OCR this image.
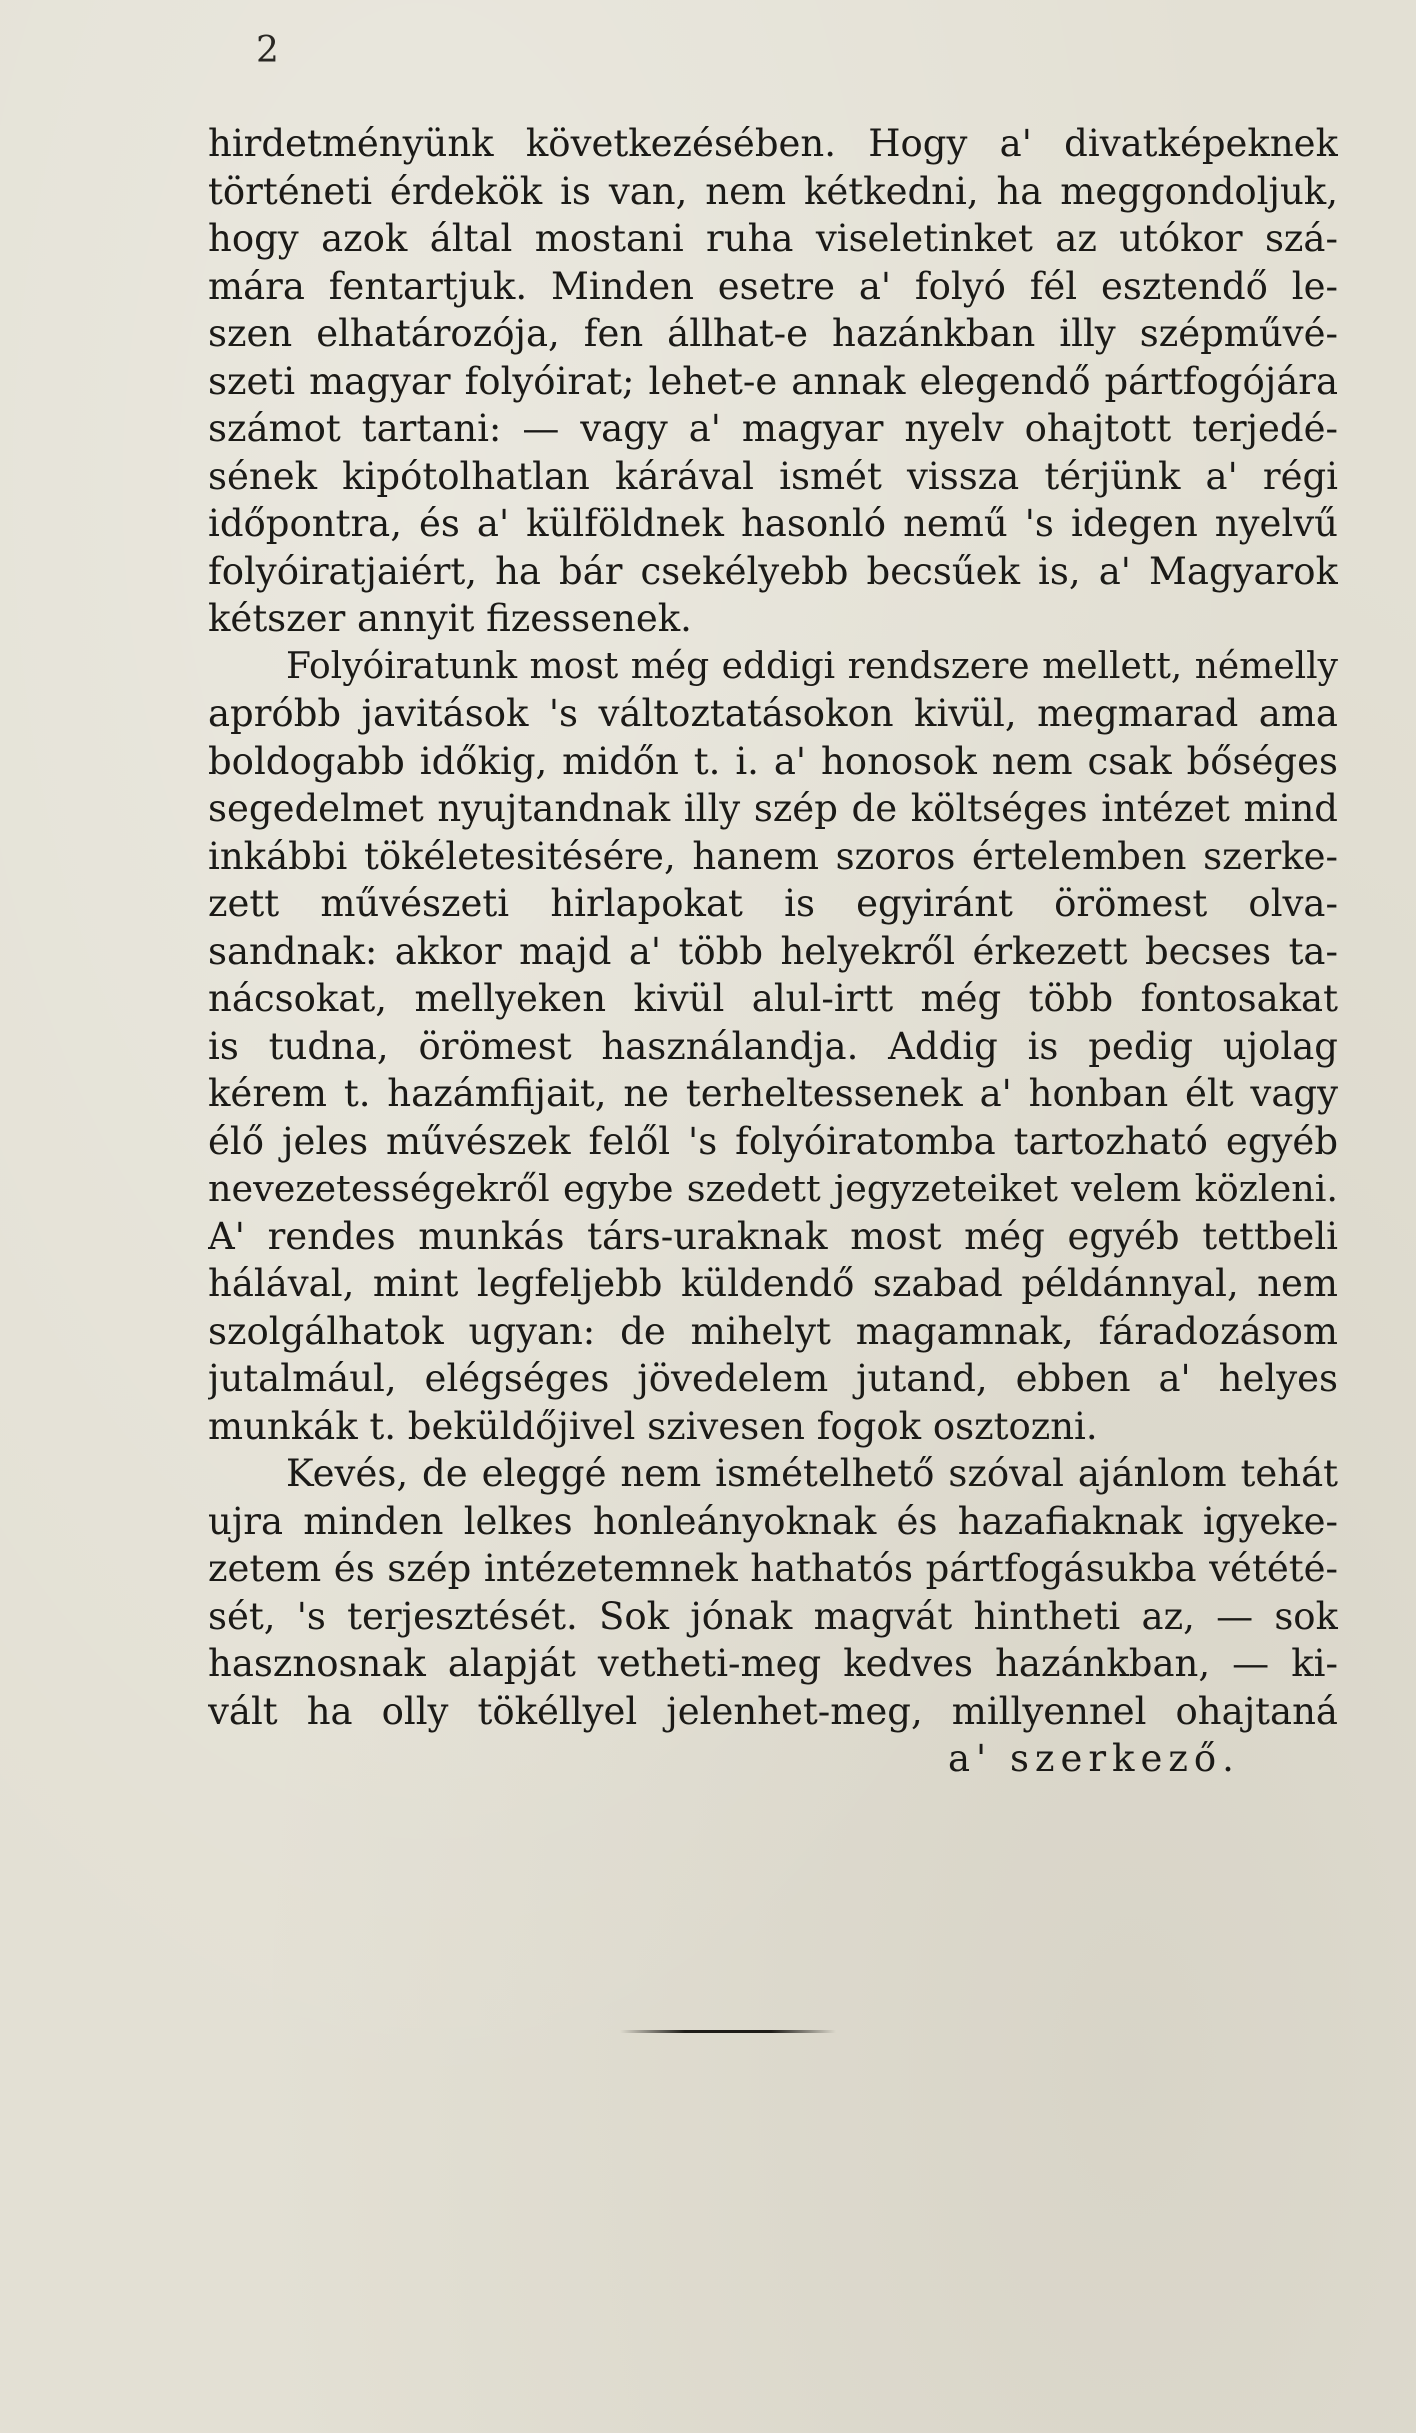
2
hirdetményünk következésében. Hogy a' divatképeknek
történeti érdekök is van, nem kétkedni, ha meggondoljuk,
hogy azok által mostani ruha viseletinket az utókor szá-
mára fentartjuk. Minden esetre a' folyó fél esztendő le-
szen elhatározója, fen állhat-e hazánkban illy szépművé-
szeti magyar folyóirat; lehet-e annak elegendő pártfogójára
számot tartani: — vagy a' magyar nyelv ohajtott terjedé-
sének kipótolhatlan kárával ismét vissza térjünk a' régi
időpontra, és a' külföldnek hasonló nemű 's idegen nyelvű
folyóiratjaiért, ha bár csekélyebb becsűek is, a' Magyarok
kétszer annyit fizessenek.
Folyóiratunk most még eddigi rendszere mellett, némelly
apróbb javitások 's változtatásokon kivül, megmarad ama
boldogabb időkig, midőn t. i. a' honosok nem csak bőséges
segedelmet nyujtandnak illy szép de költséges intézet mind
inkábbi tökéletesitésére, hanem szoros értelemben szerke-
zett művészeti hirlapokat is egyiránt örömest olva-
sandnak: akkor majd a' több helyekről érkezett becses ta-
nácsokat, mellyeken kivül alul-irtt még több fontosakat
is tudna, örömest használandja. Addig is pedig ujolag
kérem t. hazámfijait, ne terheltessenek a' honban élt vagy
élő jeles művészek felől 's folyóiratomba tartozható egyéb
nevezetességekről egybe szedett jegyzeteiket velem közleni.
A' rendes munkás társ-uraknak most még egyéb tettbeli
hálával, mint legfeljebb küldendő szabad példánnyal, nem
szolgálhatok ugyan: de mihelyt magamnak, fáradozásom
jutalmául, elégséges jövedelem jutand, ebben a' helyes
munkák t. beküldőjivel szivesen fogok osztozni.
Kevés, de eleggé nem ismételhető szóval ajánlom tehát
ujra minden lelkes honleányoknak és hazafiaknak igyeke-
zetem és szép intézetemnek hathatós pártfogásukba vétété-
sét, 's terjesztését. Sok jónak magvát hintheti az, — sok
hasznosnak alapját vetheti-meg kedves hazánkban, — ki-
vált ha olly tökéllyel jelenhet-meg, millyennel ohajtaná
a' szerkező.
